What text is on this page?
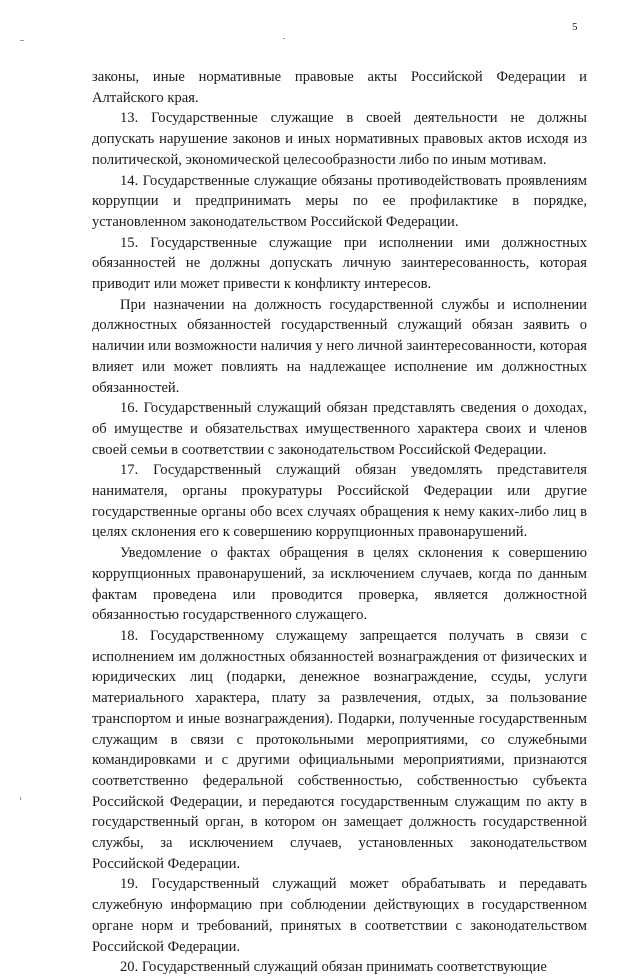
5

законы, иные нормативные правовые акты Российской Федерации и Алтайского края.

13. Государственные служащие в своей деятельности не должны допускать нарушение законов и иных нормативных правовых актов исходя из политической, экономической целесообразности либо по иным мотивам.

14. Государственные служащие обязаны противодействовать проявлениям коррупции и предпринимать меры по ее профилактике в порядке, установленном законодательством Российской Федерации.

15. Государственные служащие при исполнении ими должностных обязанностей не должны допускать личную заинтересованность, которая приводит или может привести к конфликту интересов.

При назначении на должность государственной службы и исполнении должностных обязанностей государственный служащий обязан заявить о наличии или возможности наличия у него личной заинтересованности, которая влияет или может повлиять на надлежащее исполнение им должностных обязанностей.

16. Государственный служащий обязан представлять сведения о доходах, об имуществе и обязательствах имущественного характера своих и членов своей семьи в соответствии с законодательством Российской Федерации.

17. Государственный служащий обязан уведомлять представителя нанимателя, органы прокуратуры Российской Федерации или другие государственные органы обо всех случаях обращения к нему каких-либо лиц в целях склонения его к совершению коррупционных правонарушений.

Уведомление о фактах обращения в целях склонения к совершению коррупционных правонарушений, за исключением случаев, когда по данным фактам проведена или проводится проверка, является должностной обязанностью государственного служащего.

18. Государственному служащему запрещается получать в связи с исполнением им должностных обязанностей вознаграждения от физических и юридических лиц (подарки, денежное вознаграждение, ссуды, услуги материального характера, плату за развлечения, отдых, за пользование транспортом и иные вознаграждения). Подарки, полученные государственным служащим в связи с протокольными мероприятиями, со служебными командировками и с другими официальными мероприятиями, признаются соответственно федеральной собственностью, собственностью субъекта Российской Федерации, и передаются государственным служащим по акту в государственный орган, в котором он замещает должность государственной службы, за исключением случаев, установленных законодательством Российской Федерации.

19. Государственный служащий может обрабатывать и передавать служебную информацию при соблюдении действующих в государственном органе норм и требований, принятых в соответствии с законодательством Российской Федерации.

20. Государственный служащий обязан принимать соответствующие
